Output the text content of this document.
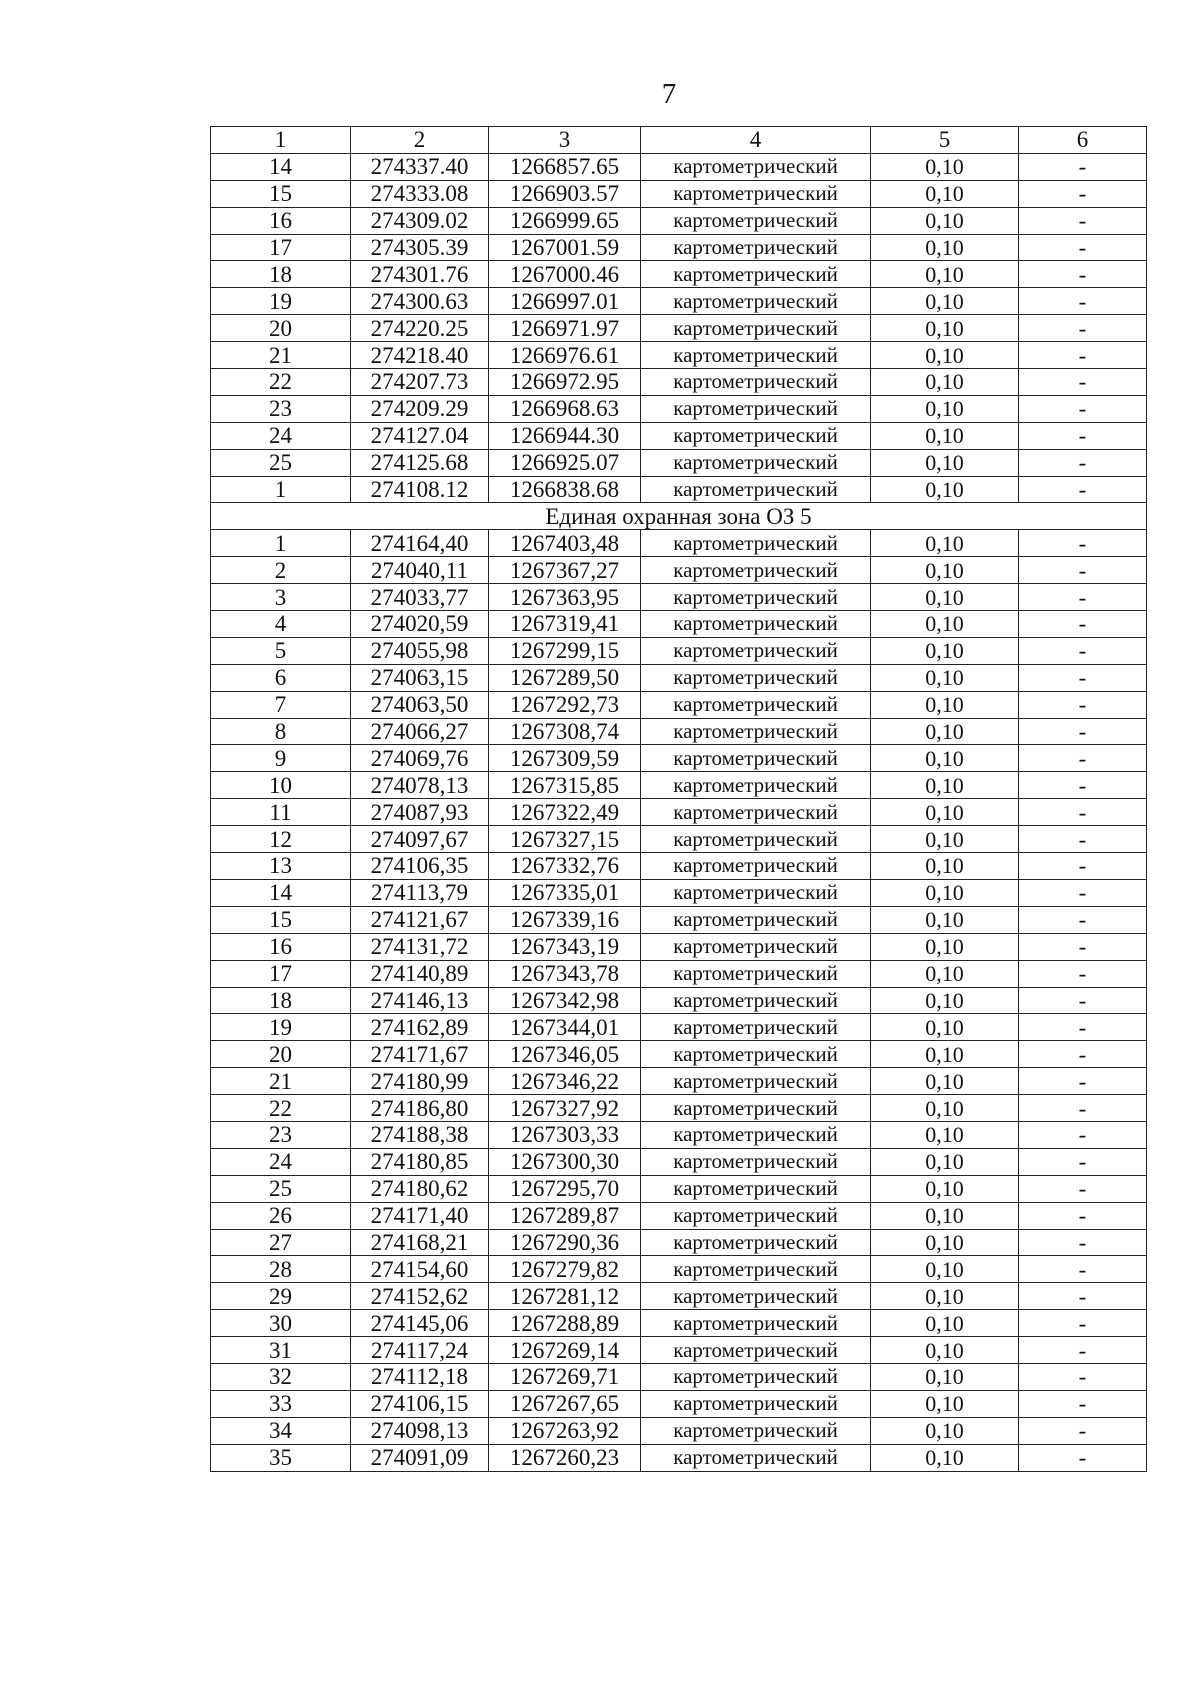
7
1	2	3	4	5	6
14	274337.40	1266857.65	картометрический	0,10	-
15	274333.08	1266903.57	картометрический	0,10	-
16	274309.02	1266999.65	картометрический	0,10	-
17	274305.39	1267001.59	картометрический	0,10	-
18	274301.76	1267000.46	картометрический	0,10	-
19	274300.63	1266997.01	картометрический	0,10	-
20	274220.25	1266971.97	картометрический	0,10	-
21	274218.40	1266976.61	картометрический	0,10	-
22	274207.73	1266972.95	картометрический	0,10	-
23	274209.29	1266968.63	картометрический	0,10	-
24	274127.04	1266944.30	картометрический	0,10	-
25	274125.68	1266925.07	картометрический	0,10	-
1	274108.12	1266838.68	картометрический	0,10	-
Единая охранная зона ОЗ 5					
1	274164,40	1267403,48	картометрический	0,10	-
2	274040,11	1267367,27	картометрический	0,10	-
3	274033,77	1267363,95	картометрический	0,10	-
4	274020,59	1267319,41	картометрический	0,10	-
5	274055,98	1267299,15	картометрический	0,10	-
6	274063,15	1267289,50	картометрический	0,10	-
7	274063,50	1267292,73	картометрический	0,10	-
8	274066,27	1267308,74	картометрический	0,10	-
9	274069,76	1267309,59	картометрический	0,10	-
10	274078,13	1267315,85	картометрический	0,10	-
11	274087,93	1267322,49	картометрический	0,10	-
12	274097,67	1267327,15	картометрический	0,10	-
13	274106,35	1267332,76	картометрический	0,10	-
14	274113,79	1267335,01	картометрический	0,10	-
15	274121,67	1267339,16	картометрический	0,10	-
16	274131,72	1267343,19	картометрический	0,10	-
17	274140,89	1267343,78	картометрический	0,10	-
18	274146,13	1267342,98	картометрический	0,10	-
19	274162,89	1267344,01	картометрический	0,10	-
20	274171,67	1267346,05	картометрический	0,10	-
21	274180,99	1267346,22	картометрический	0,10	-
22	274186,80	1267327,92	картометрический	0,10	-
23	274188,38	1267303,33	картометрический	0,10	-
24	274180,85	1267300,30	картометрический	0,10	-
25	274180,62	1267295,70	картометрический	0,10	-
26	274171,40	1267289,87	картометрический	0,10	-
27	274168,21	1267290,36	картометрический	0,10	-
28	274154,60	1267279,82	картометрический	0,10	-
29	274152,62	1267281,12	картометрический	0,10	-
30	274145,06	1267288,89	картометрический	0,10	-
31	274117,24	1267269,14	картометрический	0,10	-
32	274112,18	1267269,71	картометрический	0,10	-
33	274106,15	1267267,65	картометрический	0,10	-
34	274098,13	1267263,92	картометрический	0,10	-
35	274091,09	1267260,23	картометрический	0,10	-
